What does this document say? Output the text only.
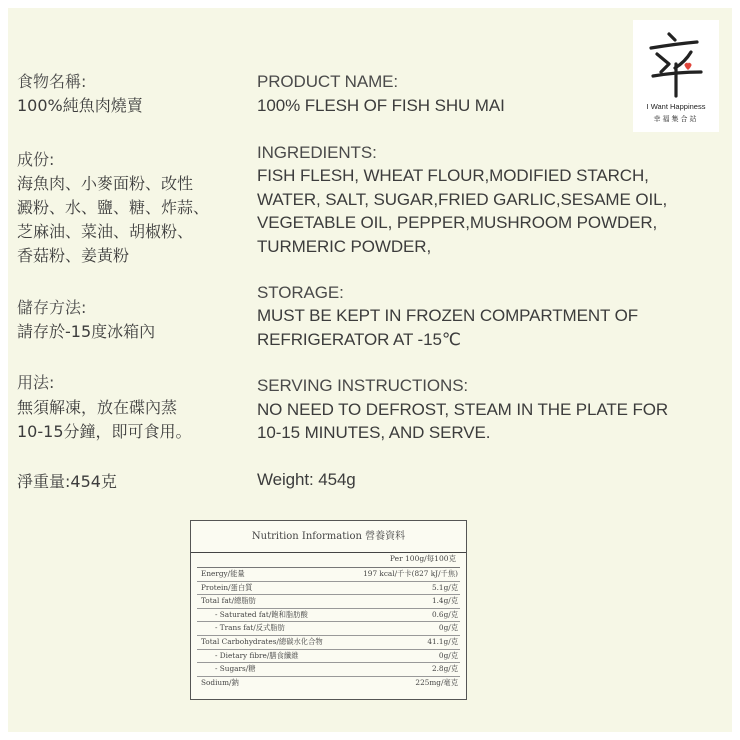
食物名稱:
100%純魚肉燒賣
成份:
海魚肉、小麥面粉、改性
澱粉、水、鹽、糖、炸蒜、
芝麻油、菜油、胡椒粉、
香菇粉、姜黃粉
儲存方法:
請存於-15度冰箱內
用法:
無須解凍，放在碟內蒸
10-15分鐘，即可食用。
淨重量:454克
PRODUCT NAME:
100% FLESH OF FISH SHU MAI
INGREDIENTS:
FISH FLESH, WHEAT FLOUR,MODIFIED STARCH,
WATER, SALT, SUGAR,FRIED GARLIC,SESAME OIL,
VEGETABLE OIL, PEPPER,MUSHROOM POWDER,
TURMERIC POWDER,
STORAGE:
MUST BE KEPT IN FROZEN COMPARTMENT OF
REFRIGERATOR AT -15℃
SERVING INSTRUCTIONS:
NO NEED TO DEFROST, STEAM IN THE PLATE FOR
10-15 MINUTES, AND SERVE.
Weight: 454g
I Want Happiness
幸福集合站
Nutrition Information 營養資料
Per 100g/每100克
Energy/能量	197 kcal/千卡(827 kJ/千焦)
Protein/蛋白質	5.1g/克
Total fat/總脂肪	1.4g/克
- Saturated fat/飽和脂肪酸	0.6g/克
- Trans fat/反式脂肪	0g/克
Total Carbohydrates/總碳水化合物	41.1g/克
- Dietary fibre/膳食纖維	0g/克
- Sugars/糖	2.8g/克
Sodium/鈉	225mg/毫克
